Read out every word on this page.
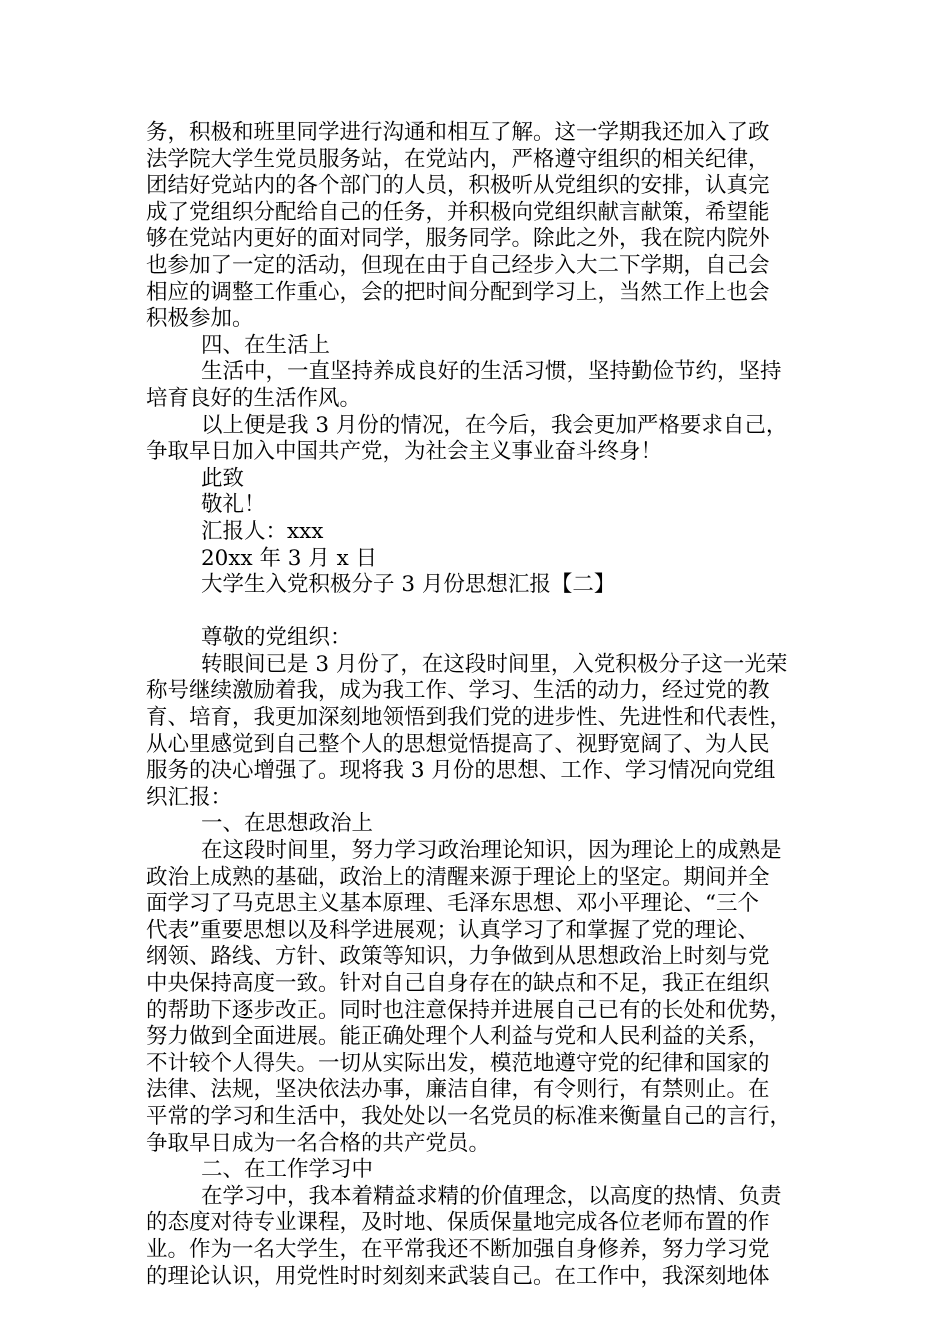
务，积极和班里同学进行沟通和相互了解。这一学期我还加入了政
法学院大学生党员服务站，在党站内，严格遵守组织的相关纪律，
团结好党站内的各个部门的人员，积极听从党组织的安排，认真完
成了党组织分配给自己的任务，并积极向党组织献言献策，希望能
够在党站内更好的面对同学，服务同学。除此之外，我在院内院外
也参加了一定的活动，但现在由于自己经步入大二下学期，自己会
相应的调整工作重心，会的把时间分配到学习上，当然工作上也会
积极参加。
四、在生活上
生活中，一直坚持养成良好的生活习惯，坚持勤俭节约，坚持
培育良好的生活作风。
以上便是我 3 月份的情况，在今后，我会更加严格要求自己，
争取早日加入中国共产党，为社会主义事业奋斗终身！
此致
敬礼！
汇报人：xxx
20xx 年 3 月 x 日
大学生入党积极分子 3 月份思想汇报【二】
尊敬的党组织：
转眼间已是 3 月份了，在这段时间里，入党积极分子这一光荣
称号继续激励着我，成为我工作、学习、生活的动力，经过党的教
育、培育，我更加深刻地领悟到我们党的进步性、先进性和代表性，
从心里感觉到自己整个人的思想觉悟提高了、视野宽阔了、为人民
服务的决心增强了。现将我 3 月份的思想、工作、学习情况向党组
织汇报：
一、在思想政治上
在这段时间里，努力学习政治理论知识，因为理论上的成熟是
政治上成熟的基础，政治上的清醒来源于理论上的坚定。期间并全
面学习了马克思主义基本原理、毛泽东思想、邓小平理论、“三个
代表”重要思想以及科学进展观；认真学习了和掌握了党的理论、
纲领、路线、方针、政策等知识，力争做到从思想政治上时刻与党
中央保持高度一致。针对自己自身存在的缺点和不足，我正在组织
的帮助下逐步改正。同时也注意保持并进展自己已有的长处和优势，
努力做到全面进展。能正确处理个人利益与党和人民利益的关系，
不计较个人得失。一切从实际出发，模范地遵守党的纪律和国家的
法律、法规，坚决依法办事，廉洁自律，有令则行，有禁则止。在
平常的学习和生活中，我处处以一名党员的标准来衡量自己的言行，
争取早日成为一名合格的共产党员。
二、在工作学习中
在学习中，我本着精益求精的价值理念，以高度的热情、负责
的态度对待专业课程，及时地、保质保量地完成各位老师布置的作
业。作为一名大学生，在平常我还不断加强自身修养，努力学习党
的理论认识，用党性时时刻刻来武装自己。在工作中，我深刻地体
